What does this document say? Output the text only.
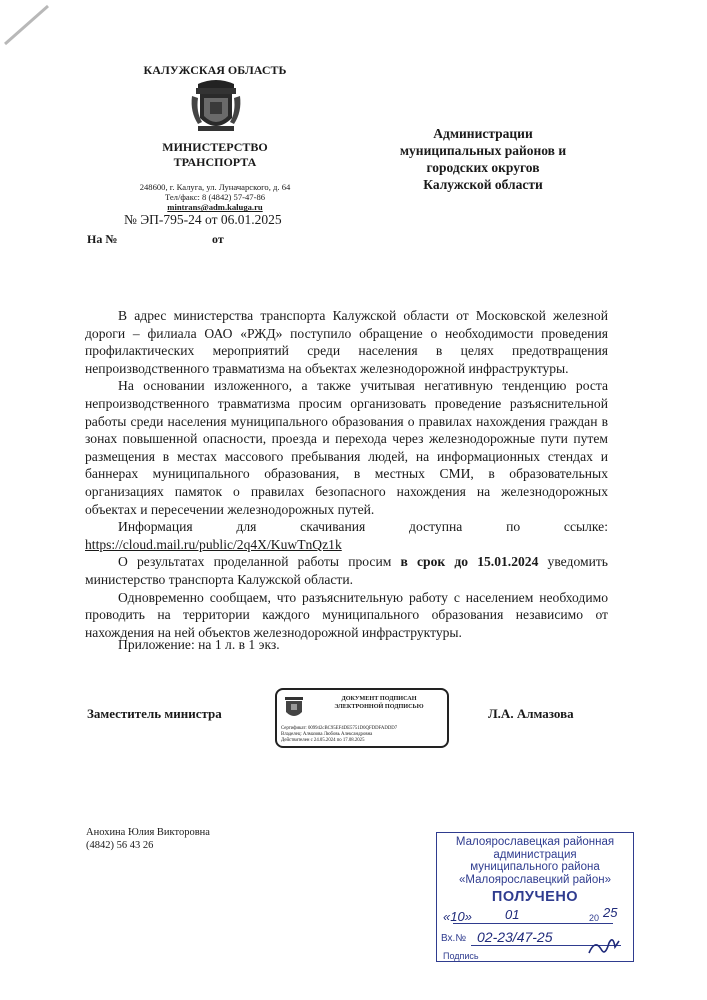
КАЛУЖСКАЯ ОБЛАСТЬ
МИНИСТЕРСТВО
ТРАНСПОРТА
248600, г. Калуга, ул. Луначарского, д. 64
Тел/факс: 8 (4842) 57-47-86
mintrans@adm.kaluga.ru
№ ЭП-795-24 от 06.01.2025
На №	от
Администрации
муниципальных районов и
городских округов
Калужской области

В адрес министерства транспорта Калужской области от Московской железной дороги – филиала ОАО «РЖД» поступило обращение о необходимости проведения профилактических мероприятий среди населения в целях предотвращения непроизводственного травматизма на объектах железнодорожной инфраструктуры.

На основании изложенного, а также учитывая негативную тенденцию роста непроизводственного травматизма просим организовать проведение разъяснительной работы среди населения муниципального образования о правилах нахождения граждан в зонах повышенной опасности, проезда и перехода через железнодорожные пути путем размещения в местах массового пребывания людей, на информационных стендах и баннерах муниципального образования, в местных СМИ, в образовательных организациях памяток о правилах безопасного нахождения на железнодорожных объектах и пересечении железнодорожных путей.

Информация для скачивания доступна по ссылке:

https://cloud.mail.ru/public/2q4X/KuwTnQz1k

О результатах проделанной работы просим в срок до 15.01.2024 уведомить министерство транспорта Калужской области.

Одновременно сообщаем, что разъяснительную работу с населением необходимо проводить на территории каждого муниципального образования независимо от нахождения на ней объектов железнодорожной инфраструктуры.

Приложение: на 1 л. в 1 экз.
Заместитель министра	Л.А. Алмазова
ДОКУМЕНТ ПОДПИСАН
ЭЛЕКТРОННОЙ ПОДПИСЬЮ
Сертификат: 009942cBC95EF4DE5751D0QFDDFADDD7
Владелец: Алмазова Любовь Александровна
Действителен с 24.05.2024 по 17.08.2025
Анохина Юлия Викторовна
(4842) 56 43 26	Малоярославецкая районная
администрация
муниципального района
«Малоярославецкий район»
ПОЛУЧЕНО
«10»	01	20 25
Вх.№ 02-23/47-25
Подпись
